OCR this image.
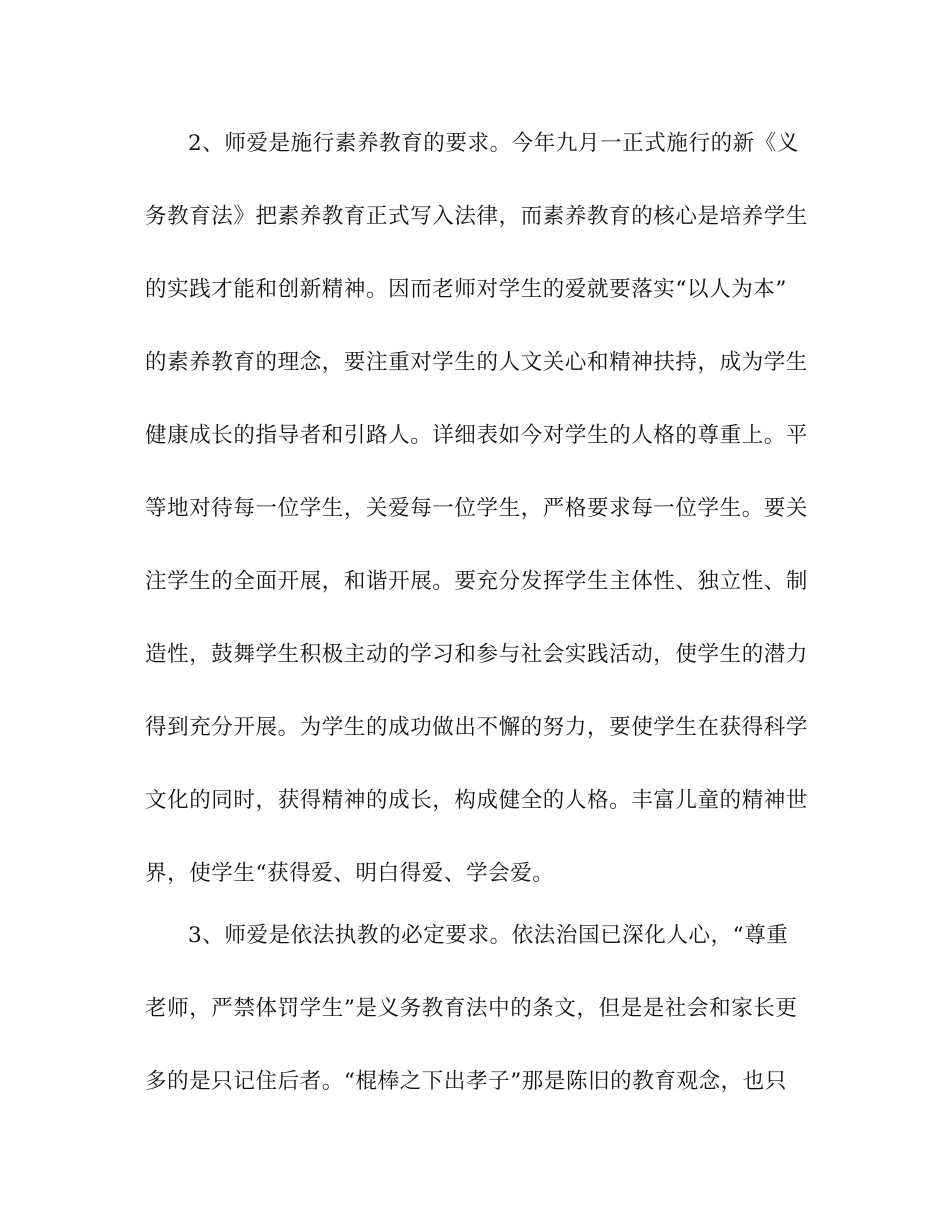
2、师爱是施行素养教育的要求。今年九月一正式施行的新《义
务教育法》把素养教育正式写入法律，而素养教育的核心是培养学生
的实践才能和创新精神。因而老师对学生的爱就要落实“以人为本”
的素养教育的理念，要注重对学生的人文关心和精神扶持，成为学生
健康成长的指导者和引路人。详细表如今对学生的人格的尊重上。平
等地对待每一位学生，关爱每一位学生，严格要求每一位学生。要关
注学生的全面开展，和谐开展。要充分发挥学生主体性、独立性、制
造性，鼓舞学生积极主动的学习和参与社会实践活动，使学生的潜力
得到充分开展。为学生的成功做出不懈的努力，要使学生在获得科学
文化的同时，获得精神的成长，构成健全的人格。丰富儿童的精神世
界，使学生“获得爱、明白得爱、学会爱。
3、师爱是依法执教的必定要求。依法治国已深化人心，“尊重
老师，严禁体罚学生”是义务教育法中的条文，但是是社会和家长更
多的是只记住后者。“棍棒之下出孝子”那是陈旧的教育观念，也只
